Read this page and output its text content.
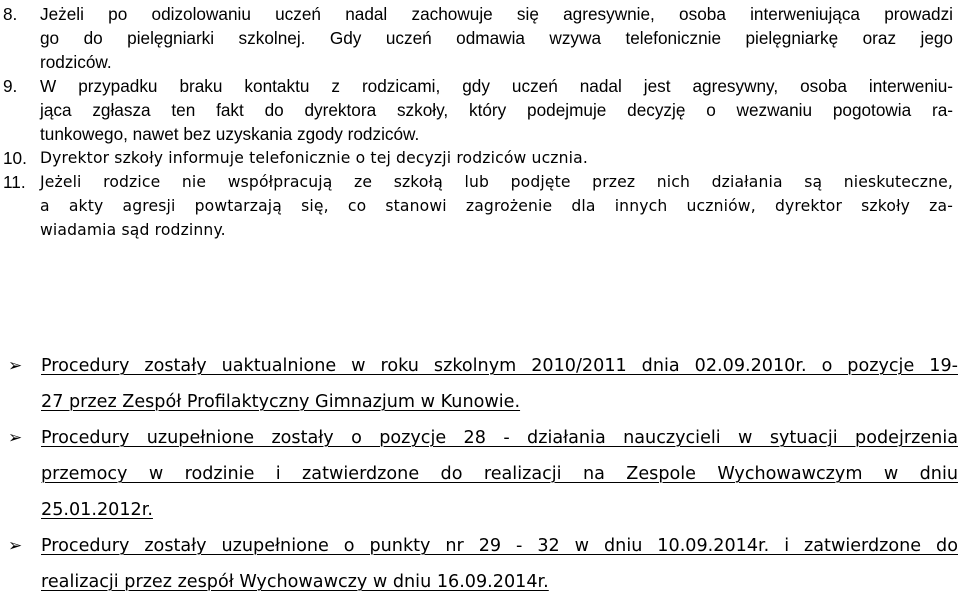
8.	Jeżeli po odizolowaniu uczeń nadal zachowuje się agresywnie, osoba interweniująca prowadzi
go do pielęgniarki szkolnej. Gdy uczeń odmawia wzywa telefonicznie pielęgniarkę oraz jego
rodziców.
9.	W przypadku braku kontaktu z rodzicami, gdy uczeń nadal jest agresywny, osoba interweniu-
jąca zgłasza ten fakt do dyrektora szkoły, który podejmuje decyzję o wezwaniu pogotowia ra-
tunkowego, nawet bez uzyskania zgody rodziców.
10. Dyrektor szkoły informuje telefonicznie o tej decyzji rodziców ucznia.
11. Jeżeli rodzice nie współpracują ze szkołą lub podjęte przez nich działania są nieskuteczne,
a akty agresji powtarzają się, co stanowi zagrożenie dla innych uczniów, dyrektor szkoły za-
wiadamia sąd rodzinny.
➢	Procedury zostały uaktualnione w roku szkolnym 2010/2011 dnia 02.09.2010r. o pozycje 19-
27 przez Zespół Profilaktyczny Gimnazjum w Kunowie.
➢	Procedury uzupełnione zostały o pozycje 28 - działania nauczycieli w sytuacji podejrzenia
przemocy w rodzinie i zatwierdzone do realizacji na Zespole Wychowawczym w dniu
25.01.2012r.
➢	Procedury zostały uzupełnione o punkty nr 29 - 32 w dniu 10.09.2014r. i zatwierdzone do
realizacji przez zespół Wychowawczy w dniu 16.09.2014r.
